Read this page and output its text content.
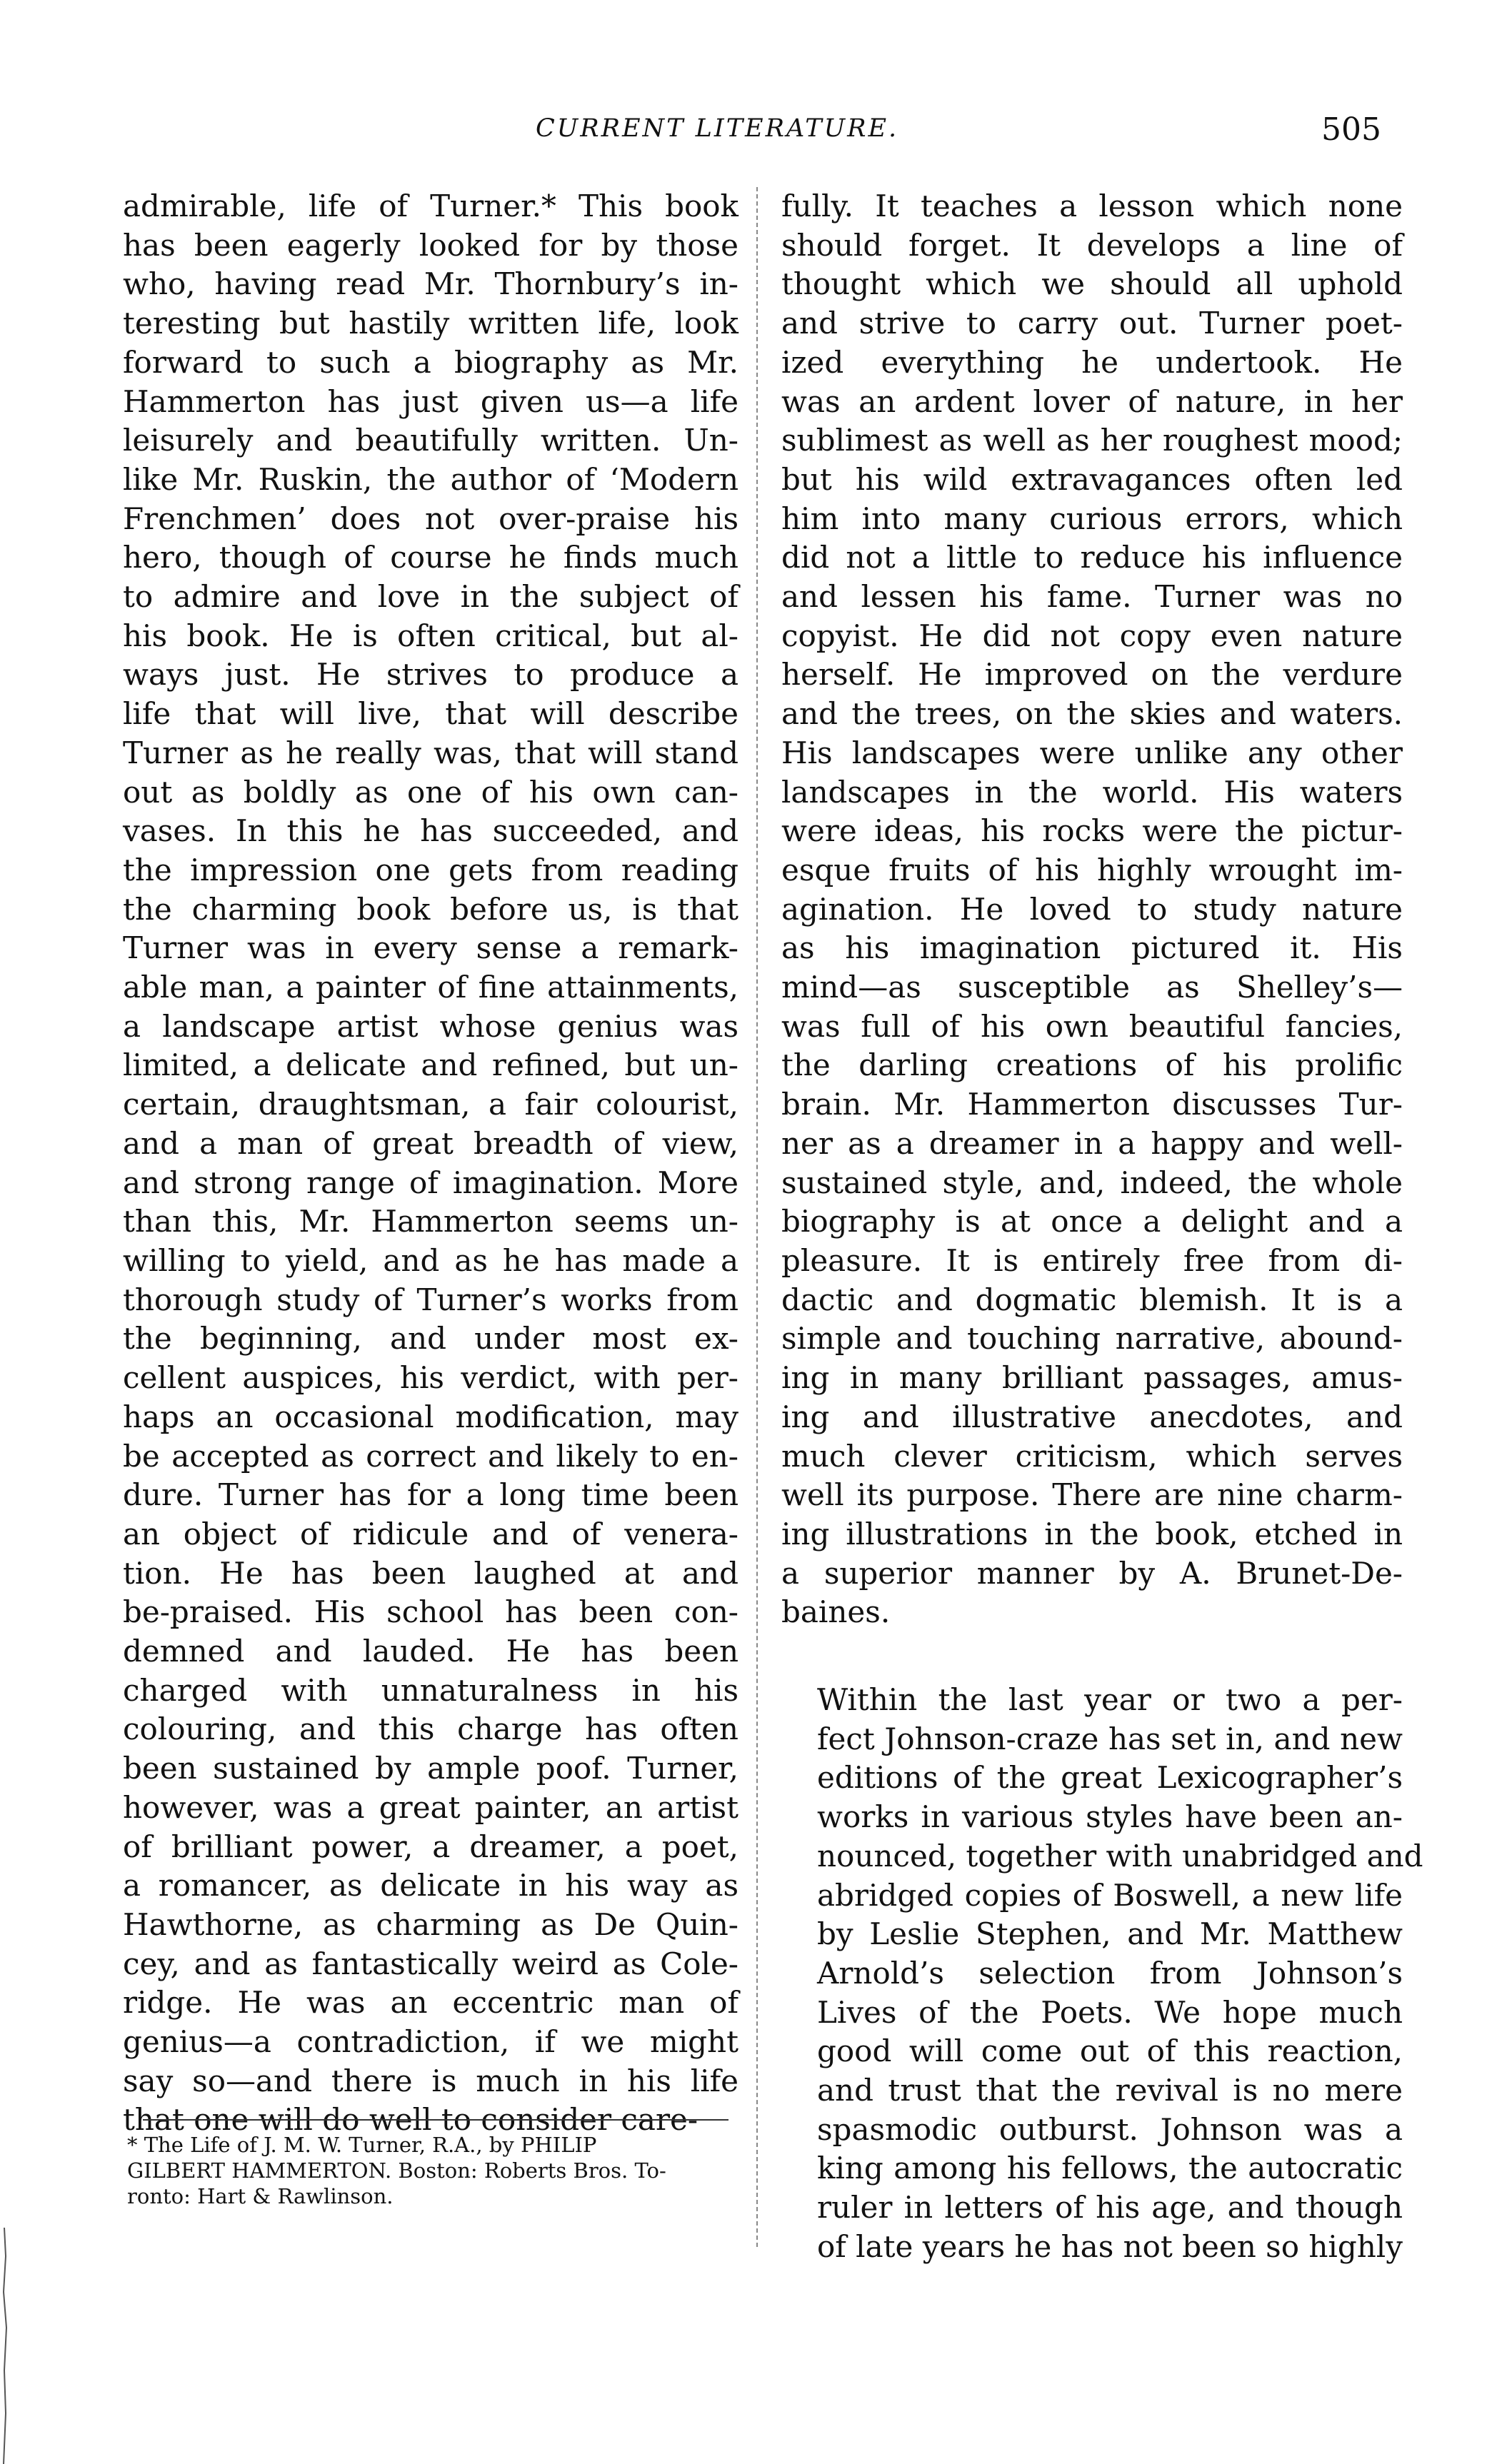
CURRENT LITERATURE.	505

admirable, life of Turner.* This book
has been eagerly looked for by those
who, having read Mr. Thornbury’s in-
teresting but hastily written life, look
forward to such a biography as Mr.
Hammerton has just given us—a life
leisurely and beautifully written. Un-
like Mr. Ruskin, the author of ‘Modern
Frenchmen’ does not over-praise his
hero, though of course he finds much
to admire and love in the subject of
his book. He is often critical, but al-
ways just. He strives to produce a
life that will live, that will describe
Turner as he really was, that will stand
out as boldly as one of his own can-
vases. In this he has succeeded, and
the impression one gets from reading
the charming book before us, is that
Turner was in every sense a remark-
able man, a painter of fine attainments,
a landscape artist whose genius was
limited, a delicate and refined, but un-
certain, draughtsman, a fair colourist,
and a man of great breadth of view,
and strong range of imagination. More
than this, Mr. Hammerton seems un-
willing to yield, and as he has made a
thorough study of Turner’s works from
the beginning, and under most ex-
cellent auspices, his verdict, with per-
haps an occasional modification, may
be accepted as correct and likely to en-
dure. Turner has for a long time been
an object of ridicule and of venera-
tion. He has been laughed at and
be-praised. His school has been con-
demned and lauded. He has been
charged with unnaturalness in his
colouring, and this charge has often
been sustained by ample poof. Turner,
however, was a great painter, an artist
of brilliant power, a dreamer, a poet,
a romancer, as delicate in his way as
Hawthorne, as charming as De Quin-
cey, and as fantastically weird as Cole-
ridge. He was an eccentric man of
genius—a contradiction, if we might
say so—and there is much in his life
that one will do well to consider care-

fully. It teaches a lesson which none
should forget. It develops a line of
thought which we should all uphold
and strive to carry out. Turner poet-
ized everything he undertook. He
was an ardent lover of nature, in her
sublimest as well as her roughest mood;
but his wild extravagances often led
him into many curious errors, which
did not a little to reduce his influence
and lessen his fame. Turner was no
copyist. He did not copy even nature
herself. He improved on the verdure
and the trees, on the skies and waters.
His landscapes were unlike any other
landscapes in the world. His waters
were ideas, his rocks were the pictur-
esque fruits of his highly wrought im-
agination. He loved to study nature
as his imagination pictured it. His
mind—as susceptible as Shelley’s—
was full of his own beautiful fancies,
the darling creations of his prolific
brain. Mr. Hammerton discusses Tur-
ner as a dreamer in a happy and well-
sustained style, and, indeed, the whole
biography is at once a delight and a
pleasure. It is entirely free from di-
dactic and dogmatic blemish. It is a
simple and touching narrative, abound-
ing in many brilliant passages, amus-
ing and illustrative anecdotes, and
much clever criticism, which serves
well its purpose. There are nine charm-
ing illustrations in the book, etched in
a superior manner by A. Brunet-De-
baines.

Within the last year or two a per-
fect Johnson-craze has set in, and new
editions of the great Lexicographer’s
works in various styles have been an-
nounced, together with unabridged and
abridged copies of Boswell, a new life
by Leslie Stephen, and Mr. Matthew
Arnold’s selection from Johnson’s
Lives of the Poets. We hope much
good will come out of this reaction,
and trust that the revival is no mere
spasmodic outburst. Johnson was a
king among his fellows, the autocratic
ruler in letters of his age, and though
of late years he has not been so highly

* The Life of J. M. W. Turner, R.A., by PHILIP
GILBERT HAMMERTON. Boston: Roberts Bros. To-
ronto: Hart & Rawlinson.
